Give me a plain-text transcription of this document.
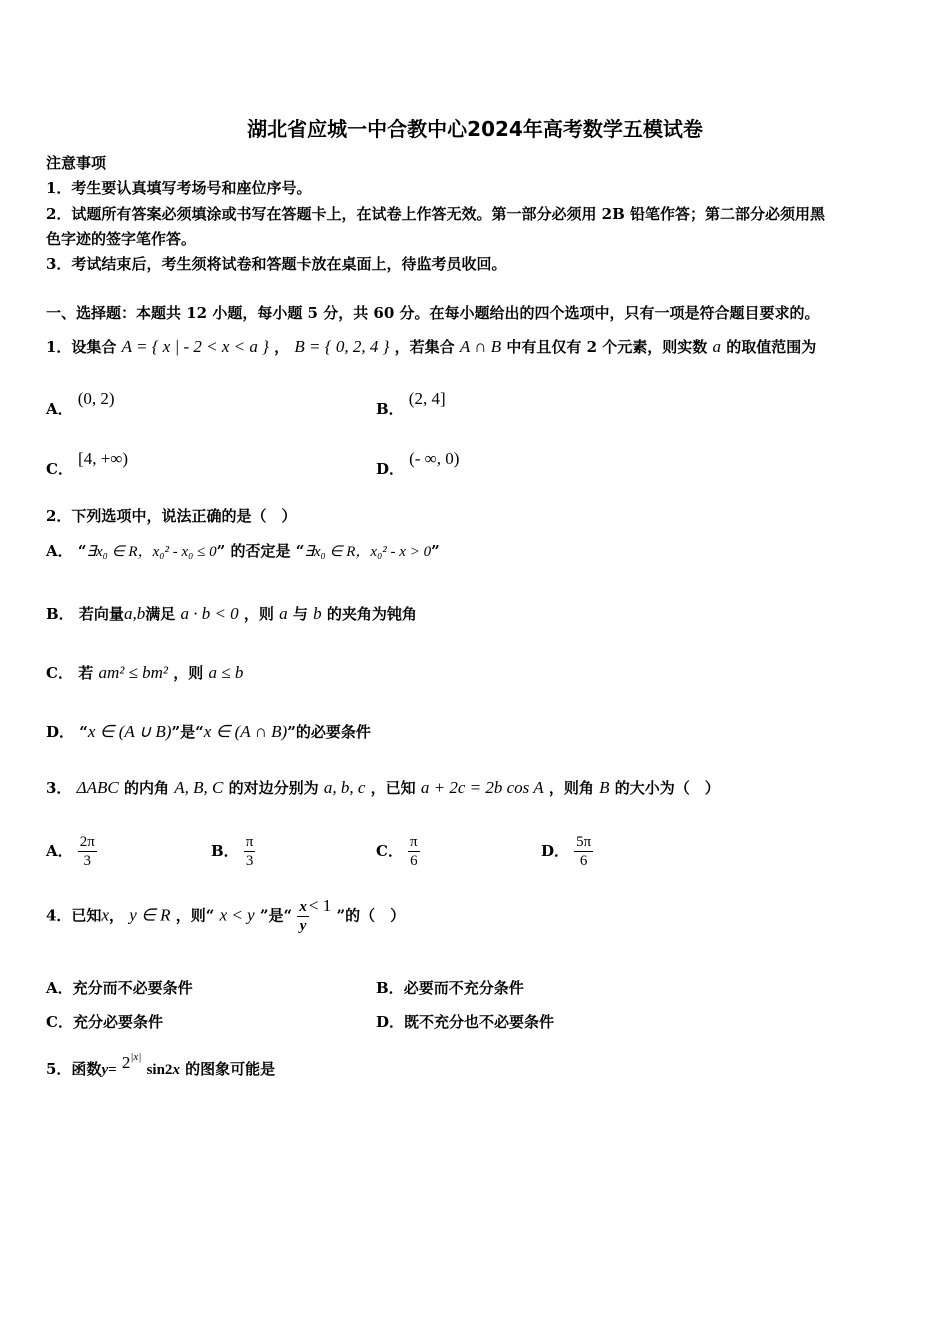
湖北省应城一中合教中心2024年高考数学五模试卷
注意事项
1．考生要认真填写考场号和座位序号。
2．试题所有答案必须填涂或书写在答题卡上，在试卷上作答无效。第一部分必须用 2B 铅笔作答；第二部分必须用黑
色字迹的签字笔作答。
3．考试结束后，考生须将试卷和答题卡放在桌面上，待监考员收回。
一、选择题：本题共 12 小题，每小题 5 分，共 60 分。在每小题给出的四个选项中，只有一项是符合题目要求的。
1．设集合 A = { x | - 2 < x < a } ， B = { 0, 2, 4 } ，若集合 A ∩ B 中有且仅有 2 个元素，则实数 a 的取值范围为
A． (0, 2)
B． (2, 4]
C． [4, +∞)
D． (- ∞, 0)
2．下列选项中，说法正确的是（　）
A． “∃x₀ ∈ R，x₀² - x₀ ≤ 0” 的否定是 “∃x₀ ∈ R，x₀² - x > 0”
B． 若向量a,b满足 a · b < 0 ，则 a 与 b 的夹角为钝角
C． 若 am² ≤ bm² ，则 a ≤ b
D． “x ∈ (A ∪ B)”是“x ∈ (A ∩ B)”的必要条件
3． ΔABC 的内角 A, B, C 的对边分别为 a, b, c ，已知 a + 2c = 2b cos A ，则角 B 的大小为（　）
A． $\frac{2\pi}{3}$	B． $\frac{\pi}{3}$	C． $\frac{\pi}{6}$	D． $\frac{5\pi}{6}$
4．已知x， y ∈ R ，则“ x < y ”是“ $\frac{x}{y} < 1$ ”的（　）
A．充分而不必要条件	B．必要而不充分条件
C．充分必要条件	D．既不充分也不必要条件
5．函数$y= 2^{|x|}$ sin2x 的图象可能是
